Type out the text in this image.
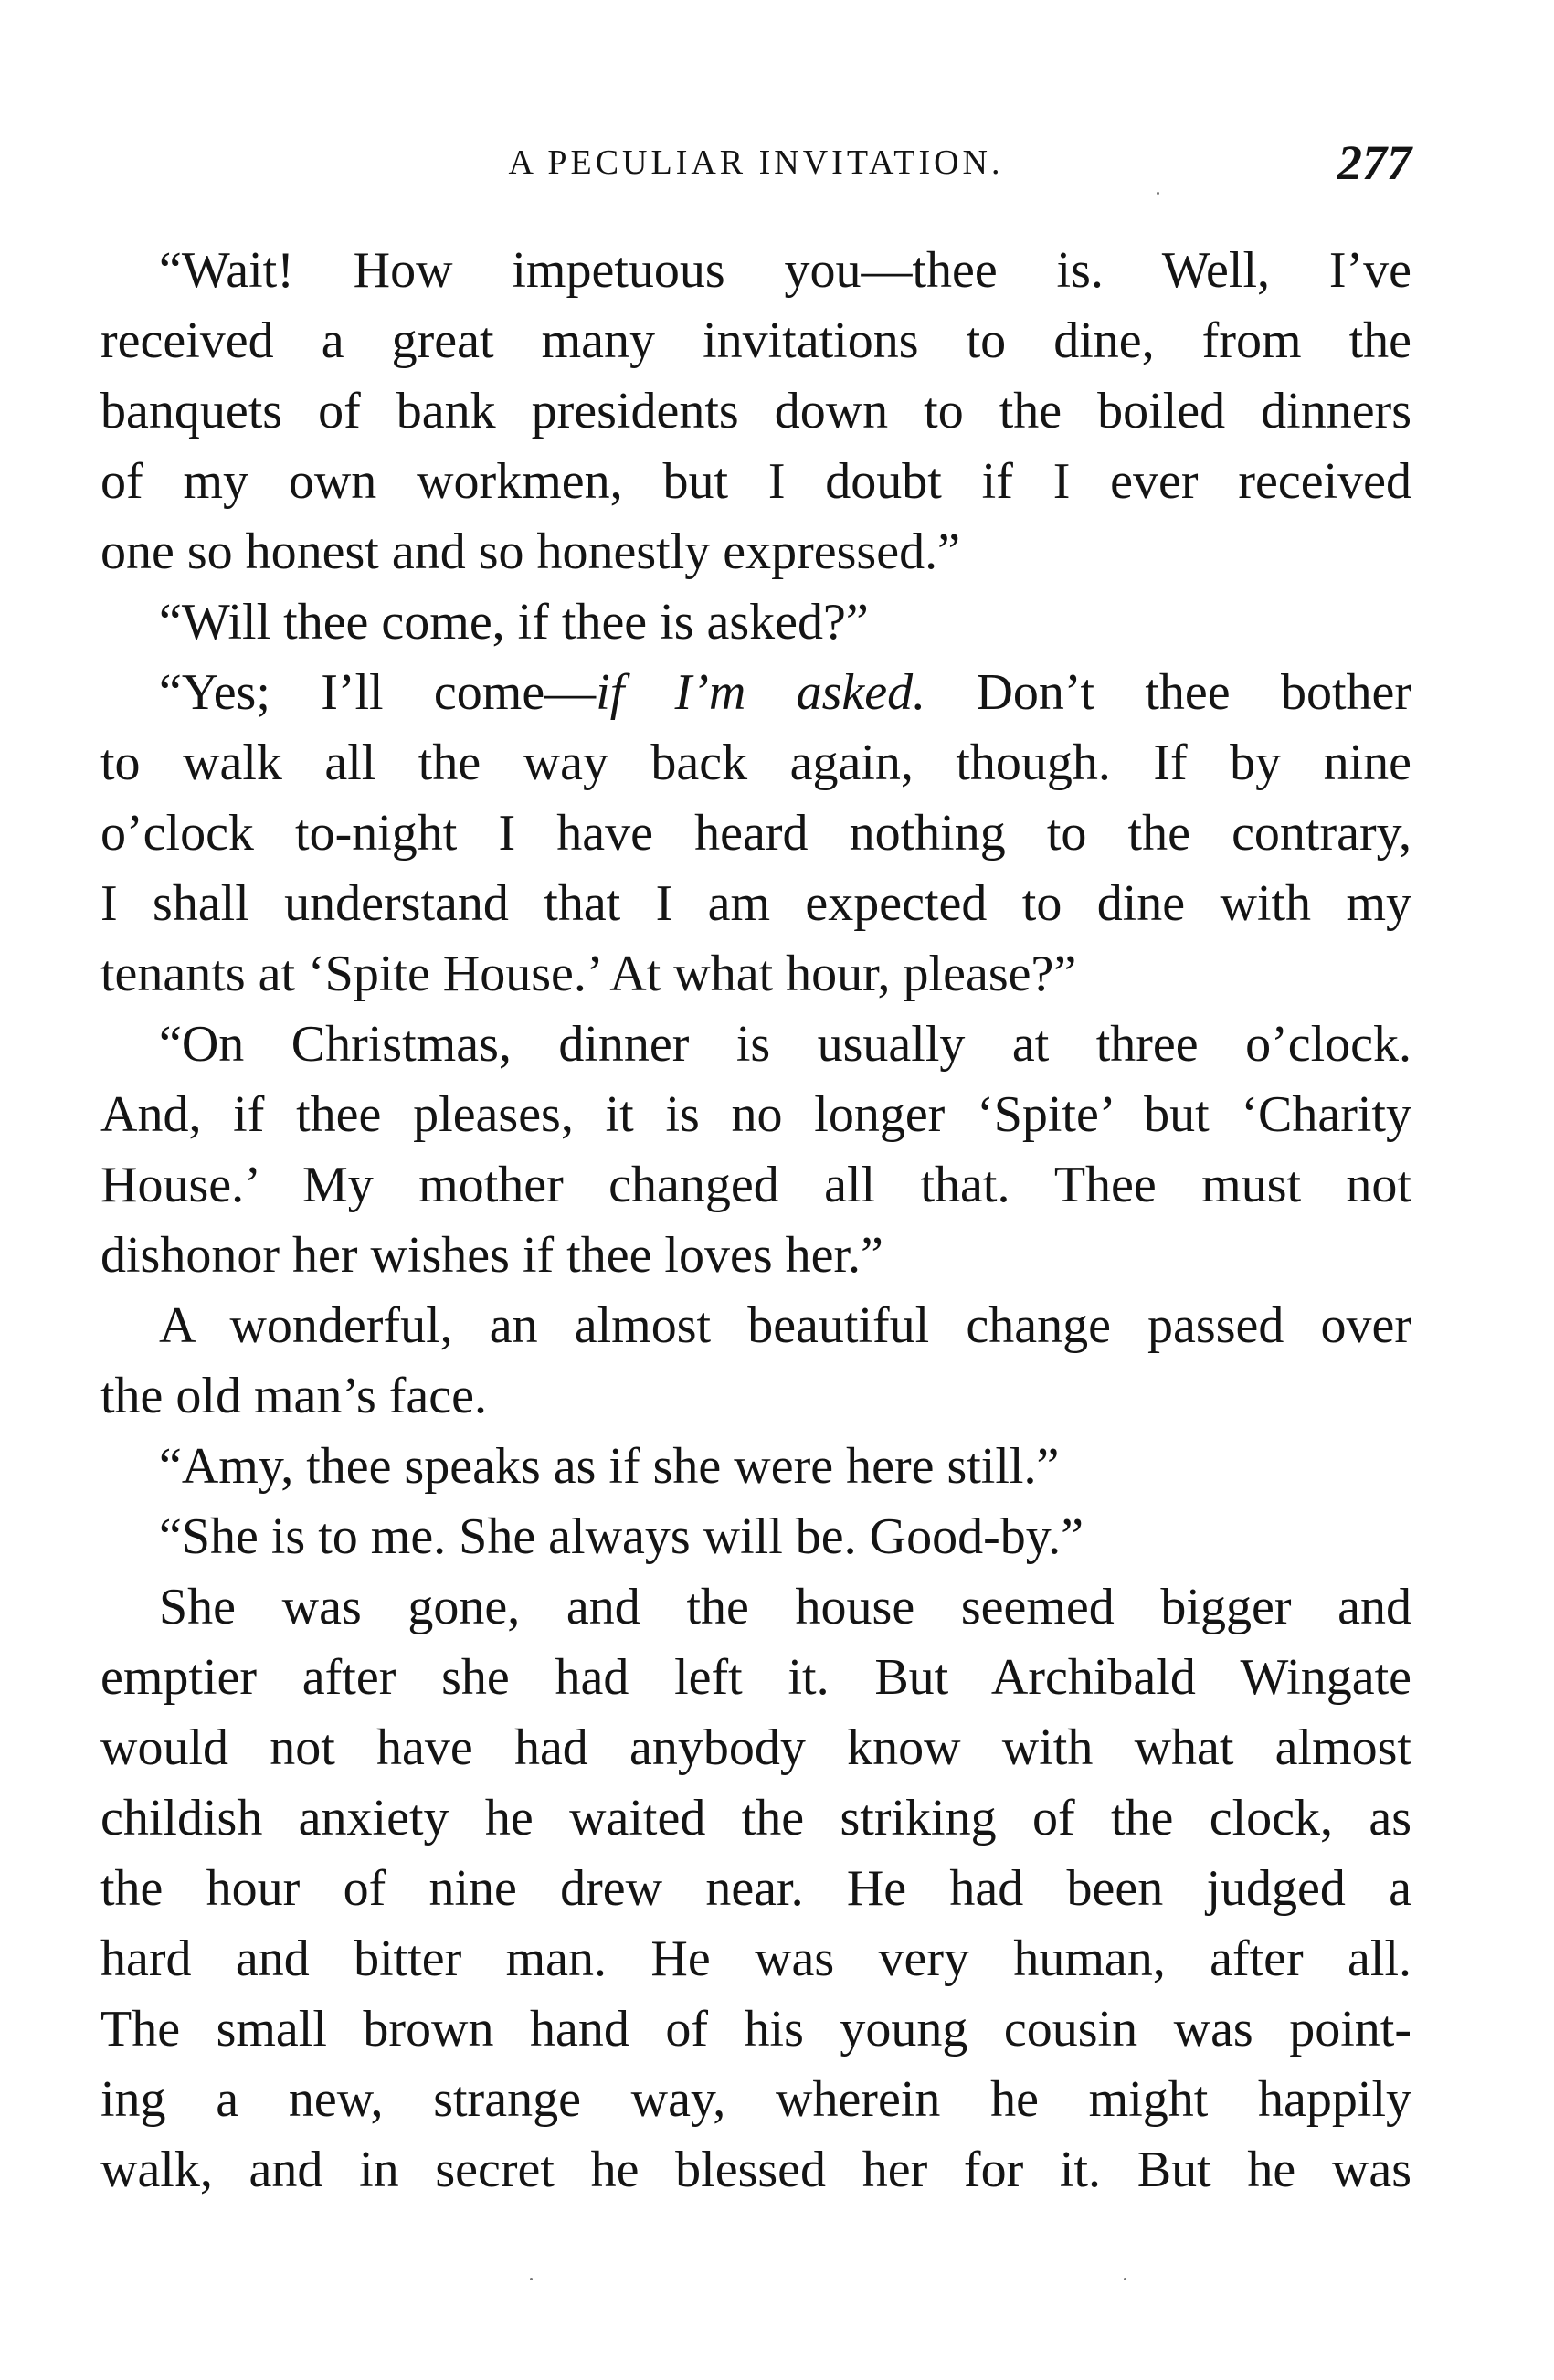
A PECULIAR INVITATION.	277
“Wait! How impetuous you—thee is. Well, I’ve
received a great many invitations to dine, from the
banquets of bank presidents down to the boiled dinners
of my own workmen, but I doubt if I ever received
one so honest and so honestly expressed.”
“Will thee come, if thee is asked?”
“Yes; I’ll come—if I’m asked. Don’t thee bother
to walk all the way back again, though. If by nine
o’clock to-night I have heard nothing to the contrary,
I shall understand that I am expected to dine with my
tenants at ‘Spite House.’ At what hour, please?”
“On Christmas, dinner is usually at three o’clock.
And, if thee pleases, it is no longer ‘Spite’ but ‘Charity
House.’ My mother changed all that. Thee must not
dishonor her wishes if thee loves her.”
A wonderful, an almost beautiful change passed over
the old man’s face.
“Amy, thee speaks as if she were here still.”
“She is to me. She always will be. Good-by.”
She was gone, and the house seemed bigger and
emptier after she had left it. But Archibald Wingate
would not have had anybody know with what almost
childish anxiety he waited the striking of the clock, as
the hour of nine drew near. He had been judged a
hard and bitter man. He was very human, after all.
The small brown hand of his young cousin was point-
ing a new, strange way, wherein he might happily
walk, and in secret he blessed her for it. But he was
